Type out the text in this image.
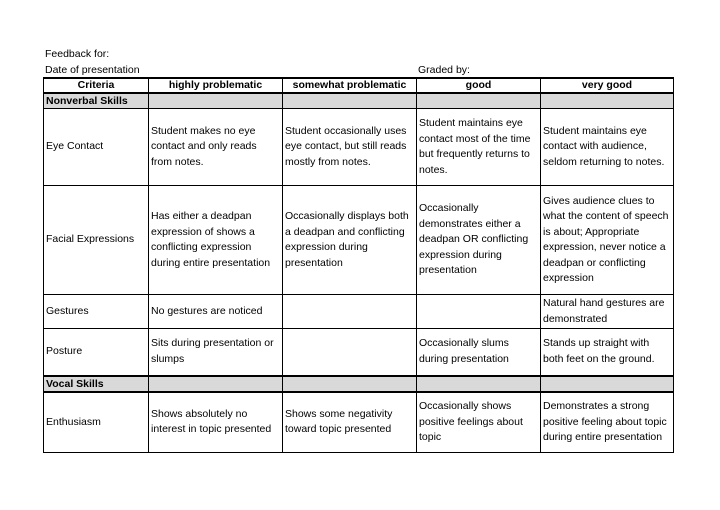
Feedback for:
Date of presentation	Graded by:
Criteria	highly problematic	somewhat problematic	good	very good
Nonverbal Skills				
Eye Contact	Student makes no eye contact and only reads from notes.	Student occasionally uses eye contact, but still reads mostly from notes.	Student maintains eye contact most of the time but frequently returns to notes.	Student maintains eye contact with audience, seldom returning to notes.
Facial Expressions	Has either a deadpan expression of shows a conflicting expression during entire presentation	Occasionally displays both a deadpan and conflicting expression during presentation	Occasionally demonstrates either a deadpan OR conflicting expression during presentation	Gives audience clues to what the content of speech is about; Appropriate expression, never notice a deadpan or conflicting expression
Gestures	No gestures are noticed			Natural hand gestures are demonstrated
Posture	Sits during presentation or slumps		Occasionally slums during presentation	Stands up straight with both feet on the ground.
Vocal Skills				
Enthusiasm	Shows absolutely no interest in topic presented	Shows some negativity toward topic presented	Occasionally shows positive feelings about topic	Demonstrates a strong positive feeling about topic during entire presentation
